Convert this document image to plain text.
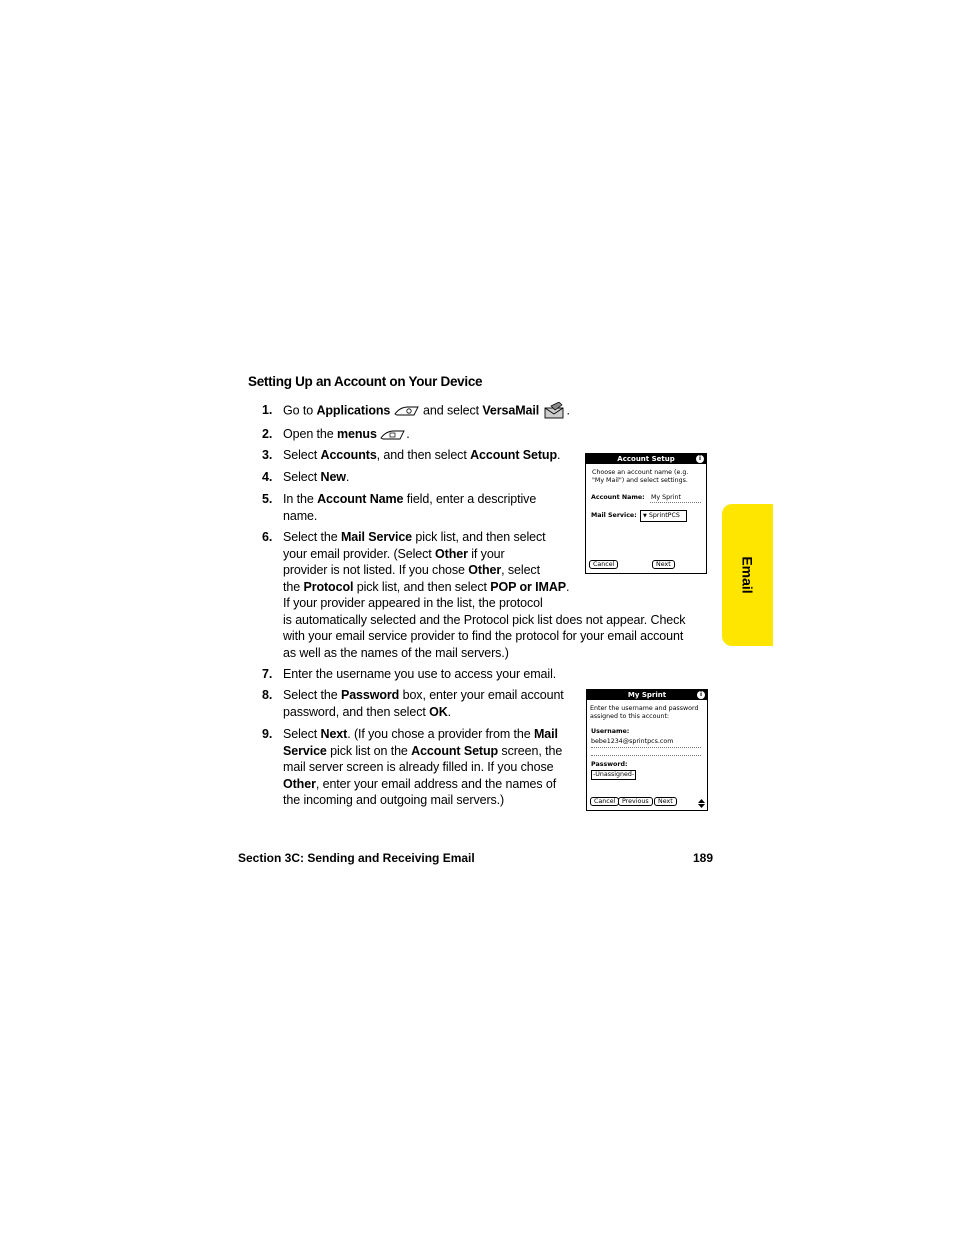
Setting Up an Account on Your Device
1. Go to Applications	and select VersaMail .
2. Open the menus .
3. Select Accounts, and then select Account Setup.
4. Select New.
5. In the Account Name field, enter a descriptive
name.
6. Select the Mail Service pick list, and then select
your email provider. (Select Other if your
provider is not listed. If you chose Other, select
the Protocol pick list, and then select POP or IMAP.
If your provider appeared in the list, the protocol
is automatically selected and the Protocol pick list does not appear. Check
with your email service provider to find the protocol for your email account
as well as the names of the mail servers.)
7. Enter the username you use to access your email.
8. Select the Password box, enter your email account
password, and then select OK.
9. Select Next. (If you chose a provider from the Mail
Service pick list on the Account Setup screen, the
mail server screen is already filled in. If you chose
Other, enter your email address and the names of
the incoming and outgoing mail servers.)
Account Setup	i
Choose an account name (e.g.
"My Mail") and select settings.
Account Name: My Sprint
Mail Service:	▼ SprintPCS
Cancel	Next
My Sprint	i
Enter the username and password
assigned to this account:
Username:
bebe1234@sprintpcs.com
Password:
-Unassigned-
Cancel	Previous	Next
Email
Section 3C: Sending and Receiving Email	189
